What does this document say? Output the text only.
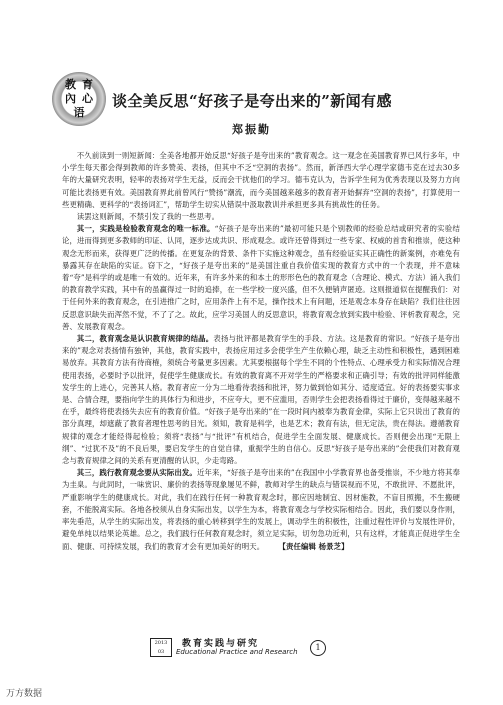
教 育
內 心
语
谈全美反思“好孩子是夸出来的”新闻有感
郑振勤

不久前读到一则短新闻：全美各地都开始反思“好孩子是夸出来的”教育观念。这一观念在美国教育界已风行多年，中小学生每天都会得到教师的许多赞美、表扬，但其中不乏“空洞的表扬”。然而，新泽西大学心理学家德韦克在过去30多年的大量研究表明，轻率的表扬对学生无益，反而会干扰他们的学习。德韦克认为，告诉学生何为优秀表现以及努力方向可能比表扬更有效。美国教育界此前曾风行“赞扬”潮流，而今美国越来越多的教育者开始摒弃“空洞的表扬”，打算使用一些更精确、更科学的“表扬词汇”，帮助学生切实从错误中汲取教训并承担更多具有挑战性的任务。

读罢这则新闻，不禁引发了我的一些思考。

其一，实践是检验教育观念的唯一标准。“好孩子是夸出来的”最初可能只是个别教师的经验总结或研究者的实验结论，进而得到更多教师的印证、认同，逐步达成共识、形成观念。或许还曾得到过一些专家、权威的首肯和推崇，使这种观念无形而来，获得更广泛的传播。在更复杂的背景、条件下实施这种观念，虽有经验证实其正确性的新案例，亦难免有暴露其存在缺陷的实证。窃下之，“好孩子是夸出来的”是美国注重自我价值实现的教育方式中的一个表现，并不意味着“夸”是科学的或是唯一有效的。近年来，有许多外来的和本土的形形色色的教育观念（含理论、模式、方法）涌入我们的教育教学实践，其中有的虽赢得过一时的追捧，在一些学校一度兴盛，但不久便销声匿迹。这则报道似在提醒我们：对于任何外来的教育观念，在引进推广之时，应用条件上有不足，操作技术上有问题，还是观念本身存在缺陷？我们往往因反思意识缺失而浑然不觉，不了了之。故此，应学习美国人的反思意识，将教育观念放到实践中检验、评析教育观念，完善、发展教育观念。

其二，教育观念是认识教育规律的结晶。表扬与批评都是教育学生的手段、方法。这是教育的常识。“好孩子是夸出来的”观念对表扬情有独钟，其他，教育实践中，表扬应用过多会使学生产生依赖心理，缺乏主动性和积极性，遇到困难易放弃。其教育方法有待商榷，须统合考量更多因素。尤其要根据每个学生不同的个性特点、心理承受力和实际情况合理使用表扬，必要时予以批评，促使学生健康成长。有效的教育离不开对学生的严格要求和正确引导；有效的批评同样能激发学生的上进心，完善其人格。教育者应一分为二地看待表扬和批评，努力做到恰如其分、适度适宜。好的表扬要实事求是、合情合理，要指向学生的具体行为和进步，不应夸大，更不应滥用，否则学生会把表扬看得过于廉价，变得越来越不在乎，最终将使表扬失去应有的教育价值。“好孩子是夸出来的”在一段时间内被奉为教育金律，实际上它只说出了教育的部分真理，却遮蔽了教育者理性思考的目光。须知，教育是科学，也是艺术；教育有法，但无定法，贵在得法。遵循教育规律的观念才能经得起检验；须将“表扬”与“批评”有机结合，促进学生全面发展、健康成长。否则便会出现“无限上纲”、“过犹不及”的不良后果，要启发学生的自觉自律，重振学生的自信心。反思“好孩子是夸出来的”会使我们对教育观念与教育规律之间的关系有更清醒的认识，少走弯路。

其三，践行教育观念要从实际出发。近年来，“好孩子是夸出来的”在我国中小学教育界也备受推崇，不少地方将其奉为圭臬。与此同时，一味赏识、廉价的表扬等现象屡见不鲜，教师对学生的缺点与错误视而不见，不敢批评、不愿批评，严重影响学生的健康成长。对此，我们在践行任何一种教育观念时，都应因地制宜、因材施教，不盲目照搬，不生搬硬套，不能脱离实际。各地各校须从自身实际出发，以学生为本，将教育观念与学校实际相结合。因此，我们要以身作则，率先垂范，从学生的实际出发，将表扬的重心转移到学生的发展上，调动学生的积极性，注重过程性评价与发展性评价，避免单纯以结果论英雄。总之，我们践行任何教育观念时，须立足实际，切勿急功近利，只有这样，才能真正促进学生全面、健康、可持续发展，我们的教育才会有更加美好的明天。 【责任编辑 杨景芝】

2013
03
教育实践与研究
Educational Practice and Research	1
万方数据
